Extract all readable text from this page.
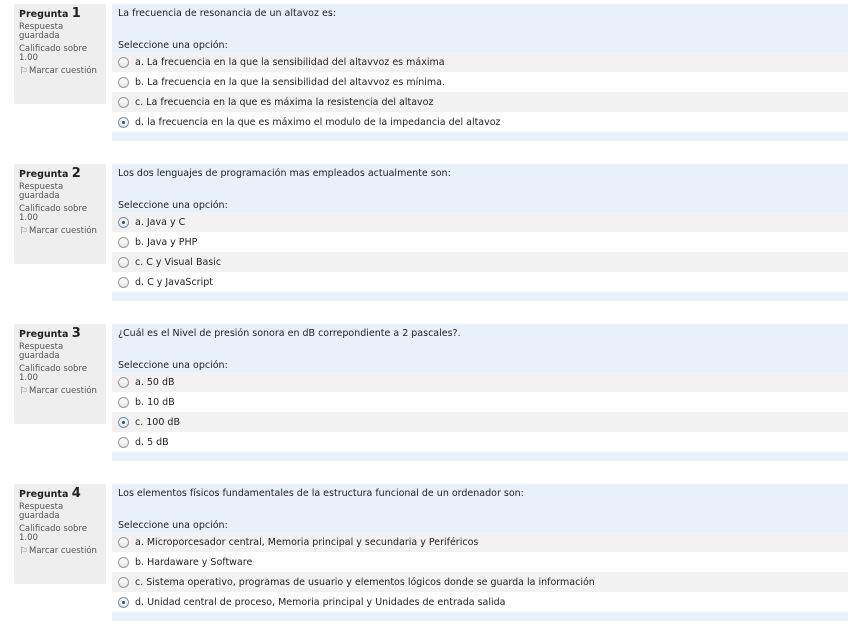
Pregunta 1
Respuesta guardada
Calificado sobre 1.00
⚐Marcar cuestión
La frecuencia de resonancia de un altavoz es:
Seleccione una opción:
a. La frecuencia en la que la sensibilidad del altavvoz es máxima
b. La frecuencia en la que la sensibilidad del altavvoz es mínima.
c. La frecuencia en la que es máxima la resistencia del altavoz
d. la frecuencia en la que es máximo el modulo de la impedancia del altavoz
Pregunta 2
Respuesta guardada
Calificado sobre 1.00
⚐Marcar cuestión
Los dos lenguajes de programación mas empleados actualmente son:
Seleccione una opción:
a. Java y C
b. Java y PHP
c. C y Visual Basic
d. C y JavaScript
Pregunta 3
Respuesta guardada
Calificado sobre 1.00
⚐Marcar cuestión
¿Cuál es el Nivel de presión sonora en dB correpondiente a 2 pascales?.
Seleccione una opción:
a. 50 dB
b. 10 dB
c. 100 dB
d. 5 dB
Pregunta 4
Respuesta guardada
Calificado sobre 1.00
⚐Marcar cuestión
Los elementos físicos fundamentales de la estructura funcional de un ordenador son:
Seleccione una opción:
a. Microporcesador central, Memoria principal y secundaria y Periféricos
b. Hardaware y Software
c. Sistema operativo, programas de usuario y elementos lógicos donde se guarda la información
d. Unidad central de proceso, Memoria principal y Unidades de entrada salida
